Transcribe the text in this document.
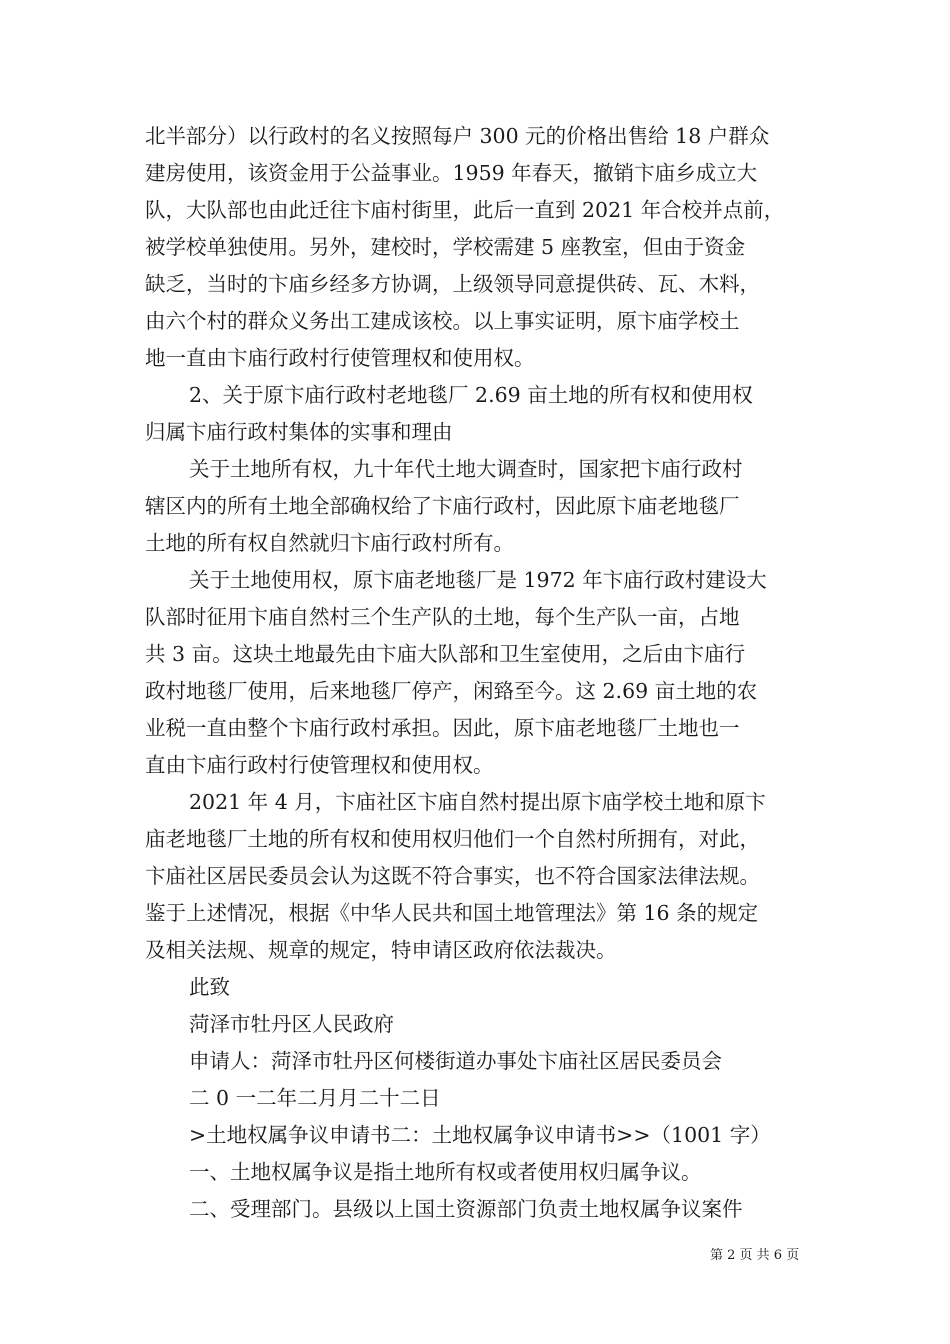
北半部分）以行政村的名义按照每户 300 元的价格出售给 18 户群众
建房使用，该资金用于公益事业。1959 年春天，撤销卞庙乡成立大
队，大队部也由此迁往卞庙村街里，此后一直到 2021 年合校并点前，
被学校单独使用。另外，建校时，学校需建 5 座教室，但由于资金
缺乏，当时的卞庙乡经多方协调，上级领导同意提供砖、瓦、木料，
由六个村的群众义务出工建成该校。以上事实证明，原卞庙学校土
地一直由卞庙行政村行使管理权和使用权。
2、关于原卞庙行政村老地毯厂 2.69 亩土地的所有权和使用权
归属卞庙行政村集体的实事和理由
关于土地所有权，九十年代土地大调查时，国家把卞庙行政村
辖区内的所有土地全部确权给了卞庙行政村，因此原卞庙老地毯厂
土地的所有权自然就归卞庙行政村所有。
关于土地使用权，原卞庙老地毯厂是 1972 年卞庙行政村建设大
队部时征用卞庙自然村三个生产队的土地，每个生产队一亩，占地
共 3 亩。这块土地最先由卞庙大队部和卫生室使用，之后由卞庙行
政村地毯厂使用，后来地毯厂停产，闲臵至今。这 2.69 亩土地的农
业税一直由整个卞庙行政村承担。因此，原卞庙老地毯厂土地也一
直由卞庙行政村行使管理权和使用权。
2021 年 4 月，卞庙社区卞庙自然村提出原卞庙学校土地和原卞
庙老地毯厂土地的所有权和使用权归他们一个自然村所拥有，对此，
卞庙社区居民委员会认为这既不符合事实，也不符合国家法律法规。
鉴于上述情况，根据《中华人民共和国土地管理法》第 16 条的规定
及相关法规、规章的规定，特申请区政府依法裁决。
此致
菏泽市牡丹区人民政府
申请人：菏泽市牡丹区何楼街道办事处卞庙社区居民委员会
二 0 一二年二月月二十二日
>土地权属争议申请书二：土地权属争议申请书>>（1001 字）
一、土地权属争议是指土地所有权或者使用权归属争议。
二、受理部门。县级以上国土资源部门负责土地权属争议案件
第 2 页 共 6 页
